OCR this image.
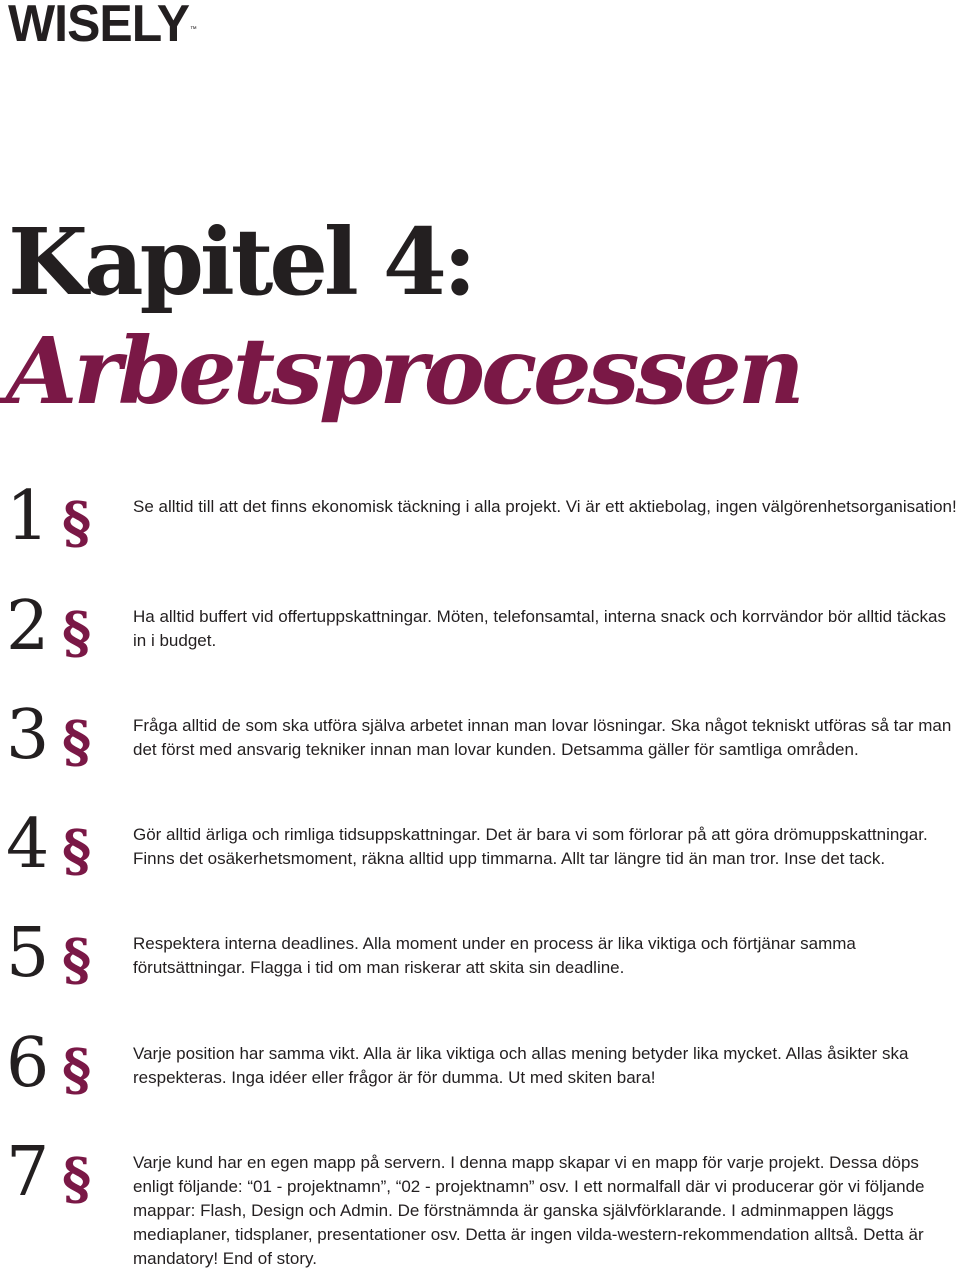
WISELY™
Kapitel 4:
Arbetsprocessen
1 § Se alltid till att det finns ekonomisk täckning i alla projekt. Vi är ett aktiebolag, ingen välgörenhetsorganisation!
2 § Ha alltid buffert vid offertuppskattningar. Möten, telefonsamtal, interna snack och korrvändor bör alltid täckas in i budget.
3 § Fråga alltid de som ska utföra själva arbetet innan man lovar lösningar. Ska något tekniskt utföras så tar man det först med ansvarig tekniker innan man lovar kunden. Detsamma gäller för samtliga områden.
4 § Gör alltid ärliga och rimliga tidsuppskattningar. Det är bara vi som förlorar på att göra drömuppskattningar. Finns det osäkerhetsmoment, räkna alltid upp timmarna. Allt tar längre tid än man tror. Inse det tack.
5 § Respektera interna deadlines. Alla moment under en process är lika viktiga och förtjänar samma förutsättningar. Flagga i tid om man riskerar att skita sin deadline.
6 § Varje position har samma vikt. Alla är lika viktiga och allas mening betyder lika mycket. Allas åsikter ska respekteras. Inga idéer eller frågor är för dumma. Ut med skiten bara!
7 § Varje kund har en egen mapp på servern. I denna mapp skapar vi en mapp för varje projekt. Dessa döps enligt följande: “01 - projektnamn”, “02 - projektnamn” osv. I ett normalfall där vi producerar gör vi följande mappar: Flash, Design och Admin. De förstnämnda är ganska självförklarande. I adminmappen läggs mediaplaner, tidsplaner, presentationer osv. Detta är ingen vilda-western-rekommendation alltså. Detta är mandatory! End of story.
